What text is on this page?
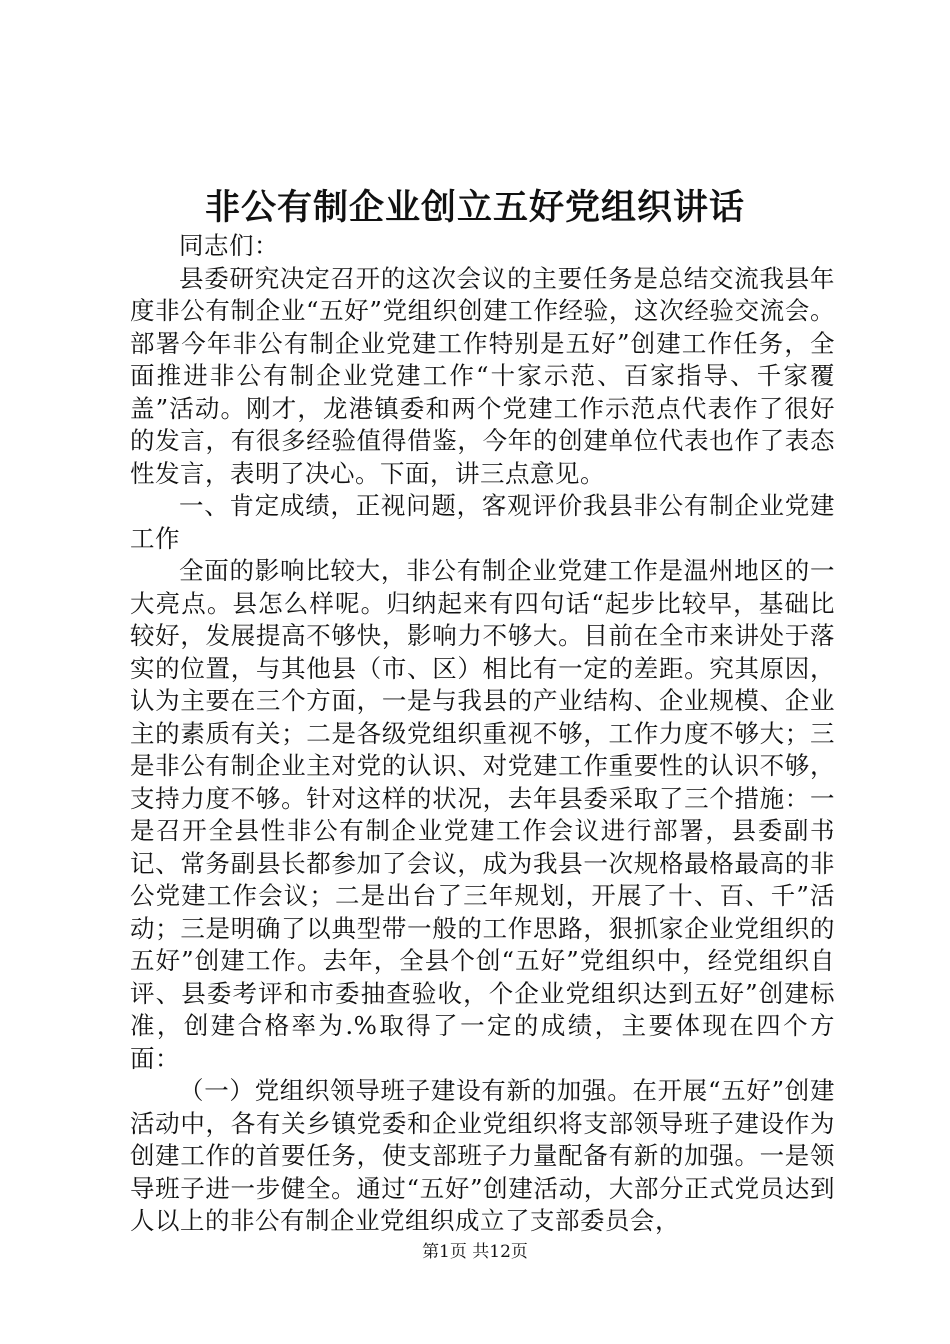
非公有制企业创立五好党组织讲话

同志们：

县委研究决定召开的这次会议的主要任务是总结交流我县年度非公有制企业“五好”党组织创建工作经验，这次经验交流会。部署今年非公有制企业党建工作特别是五好”创建工作任务，全面推进非公有制企业党建工作“十家示范、百家指导、千家覆盖”活动。刚才，龙港镇委和两个党建工作示范点代表作了很好的发言，有很多经验值得借鉴，今年的创建单位代表也作了表态性发言，表明了决心。下面，讲三点意见。

一、肯定成绩，正视问题，客观评价我县非公有制企业党建工作

全面的影响比较大，非公有制企业党建工作是温州地区的一大亮点。县怎么样呢。归纳起来有四句话“起步比较早，基础比较好，发展提高不够快，影响力不够大。目前在全市来讲处于落实的位置，与其他县（市、区）相比有一定的差距。究其原因，认为主要在三个方面，一是与我县的产业结构、企业规模、企业主的素质有关；二是各级党组织重视不够，工作力度不够大；三是非公有制企业主对党的认识、对党建工作重要性的认识不够，支持力度不够。针对这样的状况，去年县委采取了三个措施：一是召开全县性非公有制企业党建工作会议进行部署，县委副书记、常务副县长都参加了会议，成为我县一次规格最格最高的非公党建工作会议；二是出台了三年规划，开展了十、百、千”活动；三是明确了以典型带一般的工作思路，狠抓家企业党组织的五好”创建工作。去年，全县个创“五好”党组织中，经党组织自评、县委考评和市委抽查验收，个企业党组织达到五好”创建标准，创建合格率为.%取得了一定的成绩，主要体现在四个方面：

（一）党组织领导班子建设有新的加强。在开展“五好”创建活动中，各有关乡镇党委和企业党组织将支部领导班子建设作为创建工作的首要任务，使支部班子力量配备有新的加强。一是领导班子进一步健全。通过“五好”创建活动，大部分正式党员达到人以上的非公有制企业党组织成立了支部委员会，

第1页 共12页
